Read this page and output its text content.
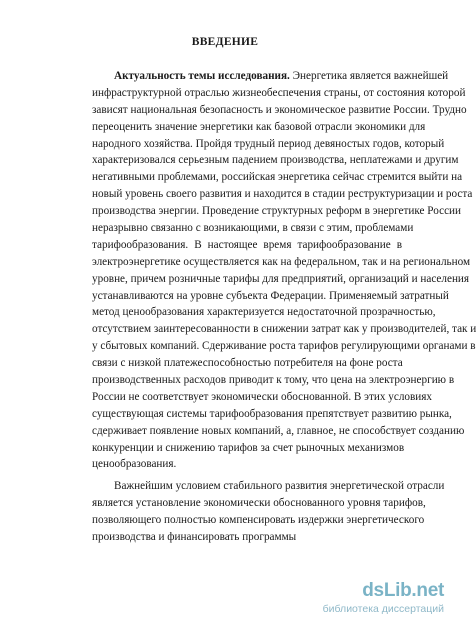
ВВЕДЕНИЕ
Актуальность темы исследования. Энергетика является важнейшей
инфраструктурной отраслью жизнеобеспечения страны, от состояния которой
зависят национальная безопасность и экономическое развитие России. Трудно
переоценить значение энергетики как базовой отрасли экономики для
народного хозяйства. Пройдя трудный период девяностых годов, который
характеризовался серьезным падением производства, неплатежами и другим
негативными проблемами, российская энергетика сейчас стремится выйти на
новый уровень своего развития и находится в стадии реструктуризации и роста
производства энергии. Проведение структурных реформ в энергетике России
неразрывно связанно с возникающими, в связи с этим, проблемами
тарифообразования. В настоящее время тарифообразование в
электроэнергетике осуществляется как на федеральном, так и на региональном
уровне, причем розничные тарифы для предприятий, организаций и населения
устанавливаются на уровне субъекта Федерации. Применяемый затратный
метод ценообразования характеризуется недостаточной прозрачностью,
отсутствием заинтересованности в снижении затрат как у производителей, так и
у сбытовых компаний. Сдерживание роста тарифов регулирующими органами в
связи с низкой платежеспособностью потребителя на фоне роста
производственных расходов приводит к тому, что цена на электроэнергию в
России не соответствует экономически обоснованной. В этих условиях
существующая системы тарифообразования препятствует развитию рынка,
сдерживает появление новых компаний, а, главное, не способствует созданию
конкуренции и снижению тарифов за счет рыночных механизмов
ценообразования.
Важнейшим условием стабильного развития энергетической отрасли
является установление экономически обоснованного уровня тарифов,
позволяющего полностью компенсировать издержки энергетического
производства и финансировать программы
dsLib.net
библиотека диссертаций
